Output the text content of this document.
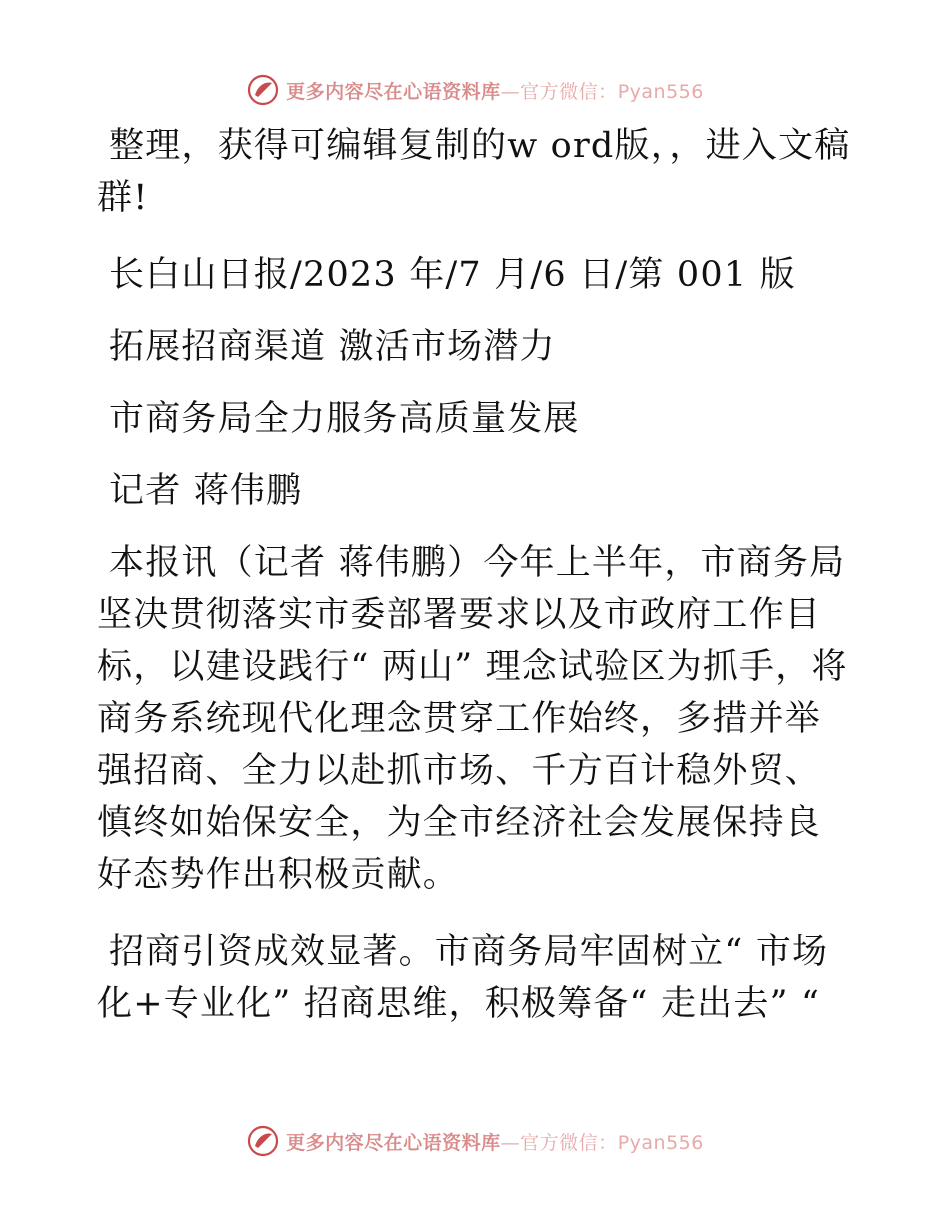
更多内容尽在心语资料库—官方微信：Pyan556

整理，获得可编辑复制的w ord版，，进入文稿群!

长白山日报/2023 年/7 月/6 日/第 001 版

拓展招商渠道 激活市场潜力

市商务局全力服务高质量发展

记者 蒋伟鹏

本报讯（记者 蒋伟鹏）今年上半年，市商务局坚决贯彻落实市委部署要求以及市政府工作目标，以建设践行“ 两山” 理念试验区为抓手，将商务系统现代化理念贯穿工作始终，多措并举强招商、全力以赴抓市场、千方百计稳外贸、慎终如始保安全，为全市经济社会发展保持良好态势作出积极贡献。

招商引资成效显著。市商务局牢固树立“ 市场化+专业化” 招商思维，积极筹备“ 走出去” “

更多内容尽在心语资料库—官方微信：Pyan556
